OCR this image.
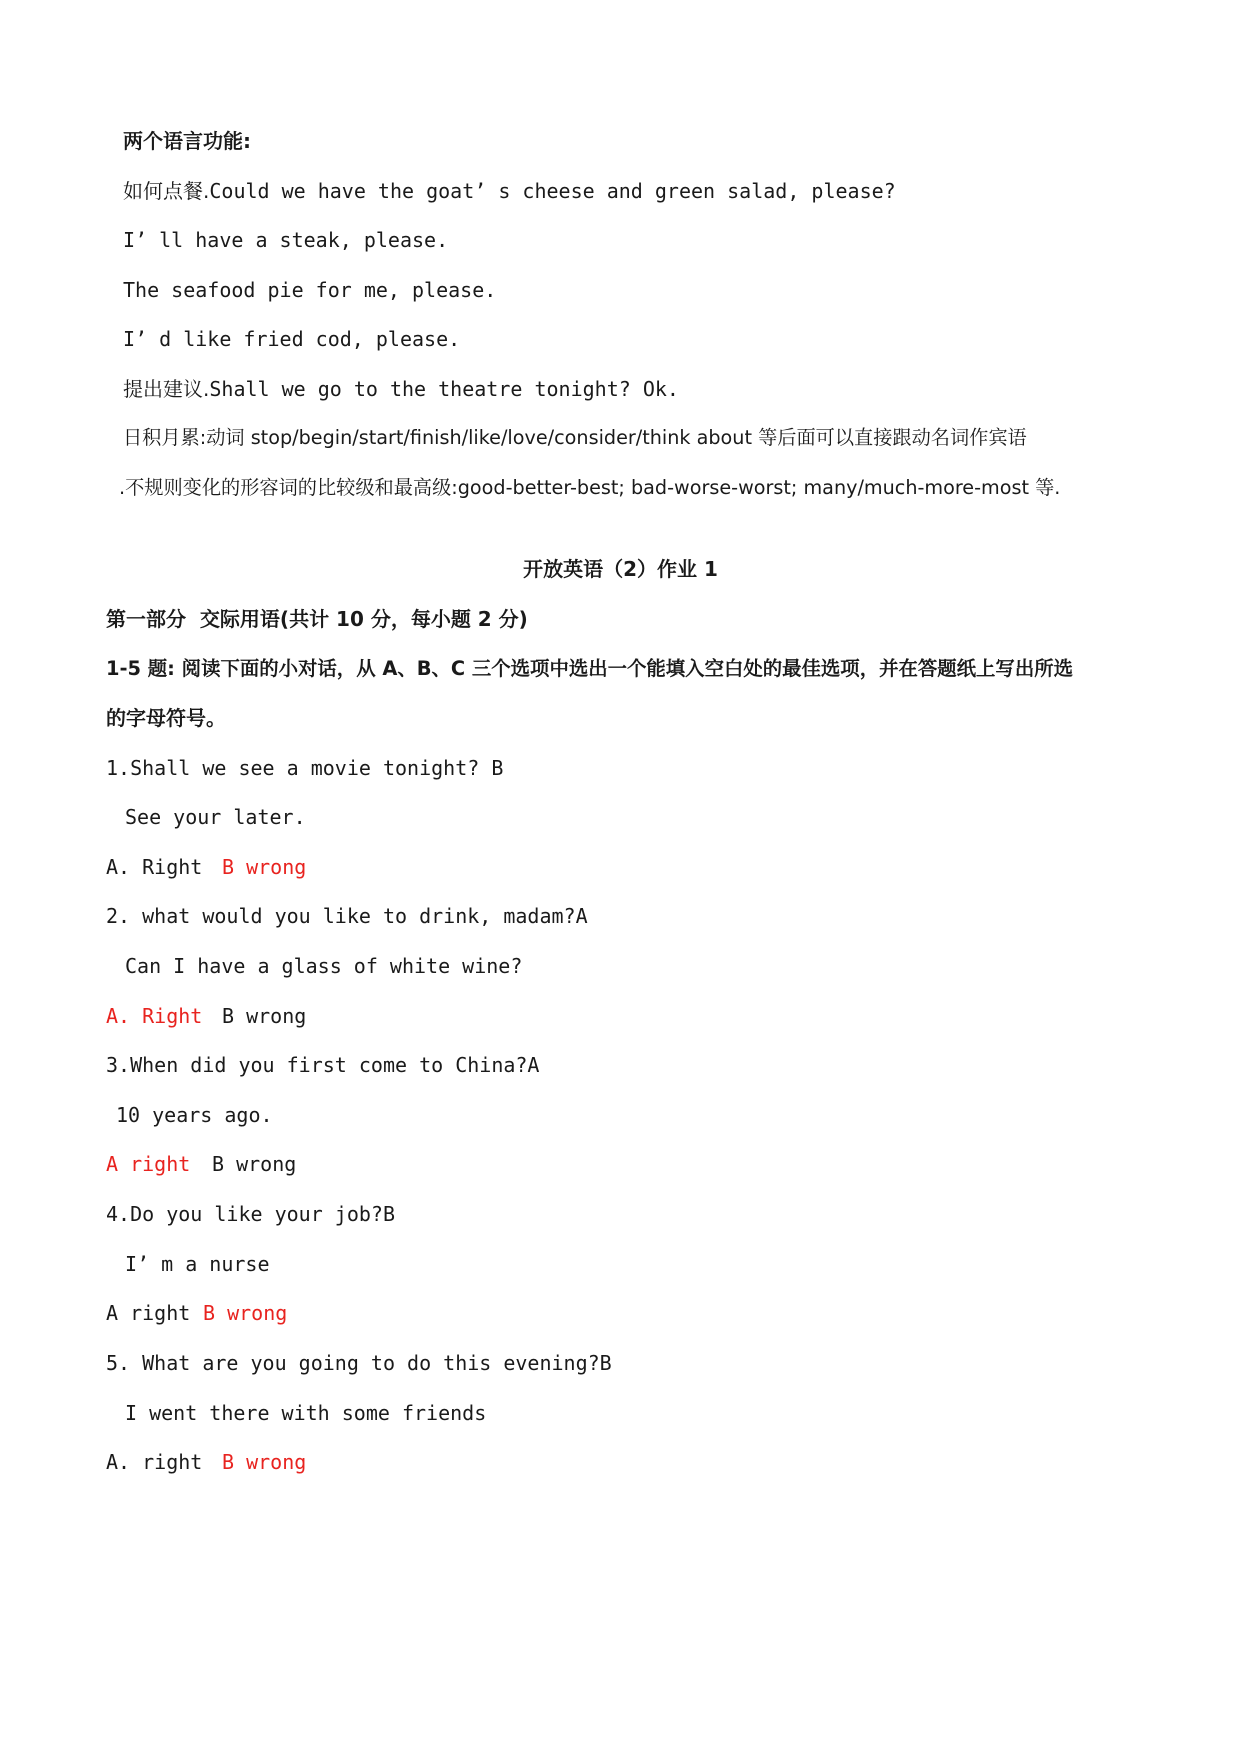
两个语言功能:
如何点餐.Could we have the goat’ s cheese and green salad, please?
I’ ll have a steak, please.
The seafood pie for me, please.
I’ d like fried cod, please.
提出建议.Shall we go to the theatre tonight? Ok.
日积月累:动词 stop/begin/start/finish/like/love/consider/think about 等后面可以直接跟动名词作宾语
.不规则变化的形容词的比较级和最高级:good-better-best; bad-worse-worst; many/much-more-most 等.
开放英语（2）作业 1
第一部分  交际用语(共计 10 分，每小题 2 分)
1-5 题: 阅读下面的小对话，从 A、B、C 三个选项中选出一个能填入空白处的最佳选项，并在答题纸上写出所选
的字母符号。
1.Shall we see a movie tonight? B
See your later.
A. Right B wrong
2. what would you like to drink, madam?A
Can I have a glass of white wine?
A. Right B wrong
3.When did you first come to China?A
10 years ago.
A right B wrong
4.Do you like your job?B
I’ m a nurse
A right B wrong
5. What are you going to do this evening?B
I went there with some friends
A. right B wrong
